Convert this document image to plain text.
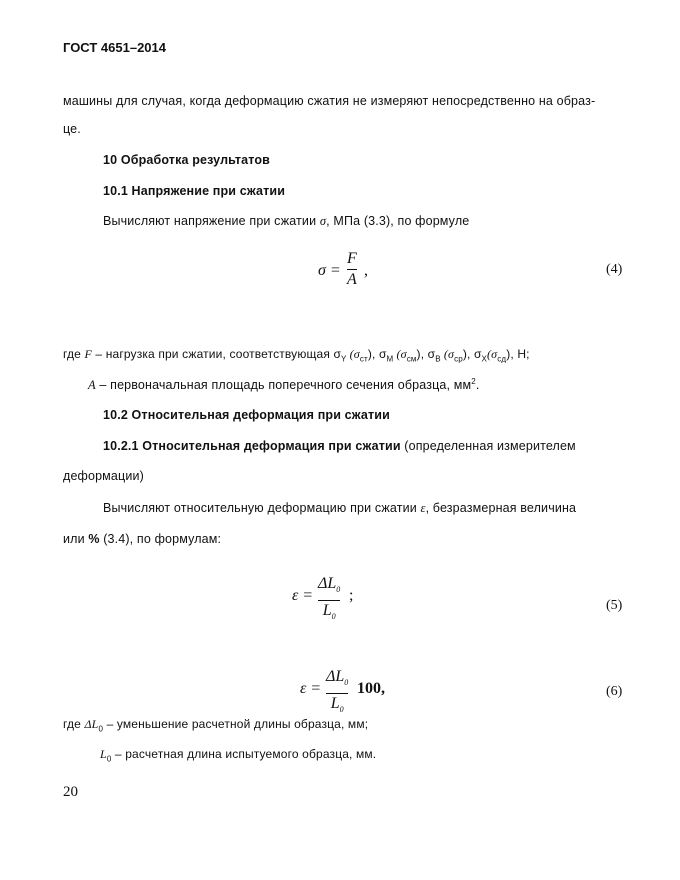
ГОСТ 4651–2014
машины для случая, когда деформацию сжатия не измеряют непосредственно на образ-
це.
10 Обработка результатов
10.1 Напряжение при сжатии
Вычисляют напряжение при сжатии σ, МПа (3.3), по формуле
σ =
F
A
,	(4)
где F – нагрузка при сжатии, соответствующая $\sigma_Y$ $(\sigma_{ст})$, $\sigma_M$ $(\sigma_{см})$, $\sigma_B$ $(\sigma_{ср})$, $\sigma_X(\sigma_{сд})$, Н;
А – первоначальная площадь поперечного сечения образца, $мм^2$.
10.2 Относительная деформация при сжатии
10.2.1 Относительная деформация при сжатии (определенная измерителем
деформации)
Вычисляют относительную деформацию при сжатии ε, безразмерная величина
или % (3.4), по формулам:
ε =
$\Delta L_0$
$L_0$
;
(5)
ε =
$\Delta L_0$
$L_0$
100,	(6)
где $\Delta L_0$ – уменьшение расчетной длины образца, мм;
$L_0$ – расчетная длина испытуемого образца, мм.
20
